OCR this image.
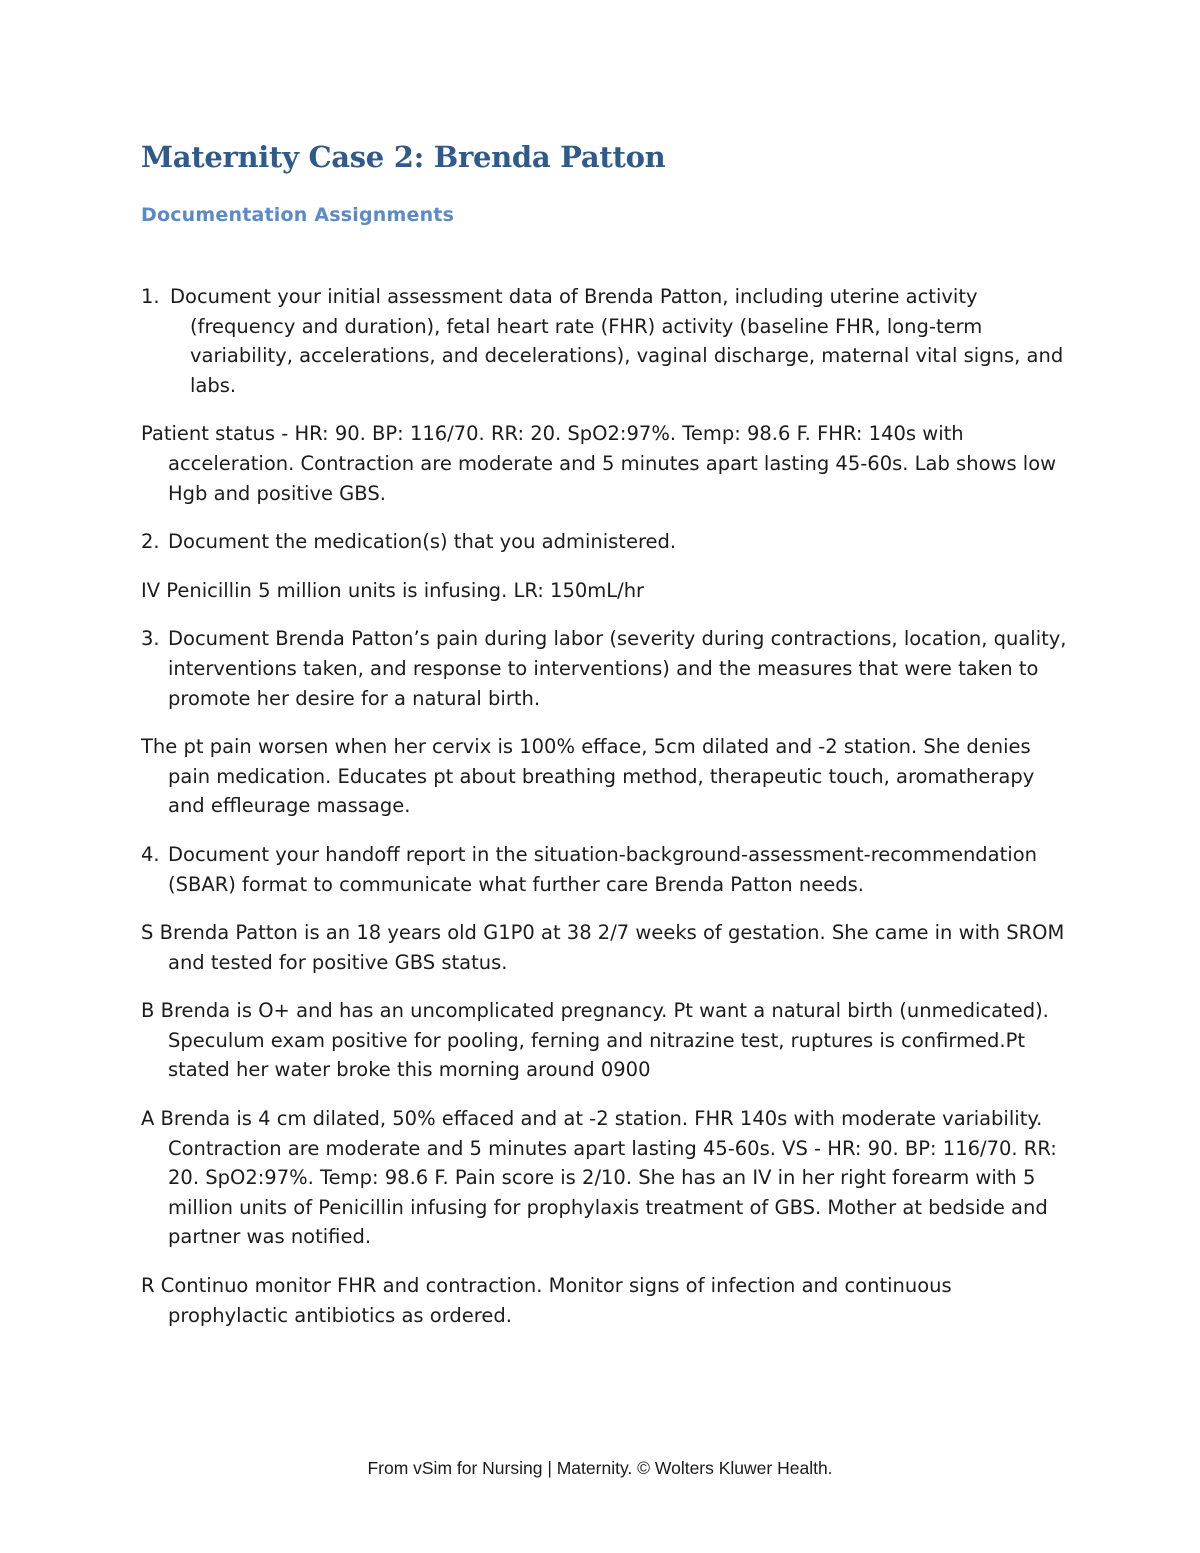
Maternity Case 2: Brenda Patton
Documentation Assignments

1. Document your initial assessment data of Brenda Patton, including uterine activity (frequency and duration), fetal heart rate (FHR) activity (baseline FHR, long-term variability, accelerations, and decelerations), vaginal discharge, maternal vital signs, and labs.

Patient status - HR: 90. BP: 116/70. RR: 20. SpO2:97%. Temp: 98.6 F. FHR: 140s with acceleration. Contraction are moderate and 5 minutes apart lasting 45-60s. Lab shows low Hgb and positive GBS.

2. Document the medication(s) that you administered.

IV Penicillin 5 million units is infusing. LR: 150mL/hr

3. Document Brenda Patton’s pain during labor (severity during contractions, location, quality, interventions taken, and response to interventions) and the measures that were taken to promote her desire for a natural birth.

The pt pain worsen when her cervix is 100% efface, 5cm dilated and -2 station. She denies pain medication. Educates pt about breathing method, therapeutic touch, aromatherapy and effleurage massage.

4. Document your handoff report in the situation-background-assessment-recommendation (SBAR) format to communicate what further care Brenda Patton needs.

S Brenda Patton is an 18 years old G1P0 at 38 2/7 weeks of gestation. She came in with SROM and tested for positive GBS status.

B Brenda is O+ and has an uncomplicated pregnancy. Pt want a natural birth (unmedicated). Speculum exam positive for pooling, ferning and nitrazine test, ruptures is confirmed.Pt stated her water broke this morning around 0900

A Brenda is 4 cm dilated, 50% effaced and at -2 station. FHR 140s with moderate variability. Contraction are moderate and 5 minutes apart lasting 45-60s. VS - HR: 90. BP: 116/70. RR: 20. SpO2:97%. Temp: 98.6 F. Pain score is 2/10. She has an IV in her right forearm with 5 million units of Penicillin infusing for prophylaxis treatment of GBS. Mother at bedside and partner was notified.

R Continuo monitor FHR and contraction. Monitor signs of infection and continuous prophylactic antibiotics as ordered.

From vSim for Nursing | Maternity. © Wolters Kluwer Health.
